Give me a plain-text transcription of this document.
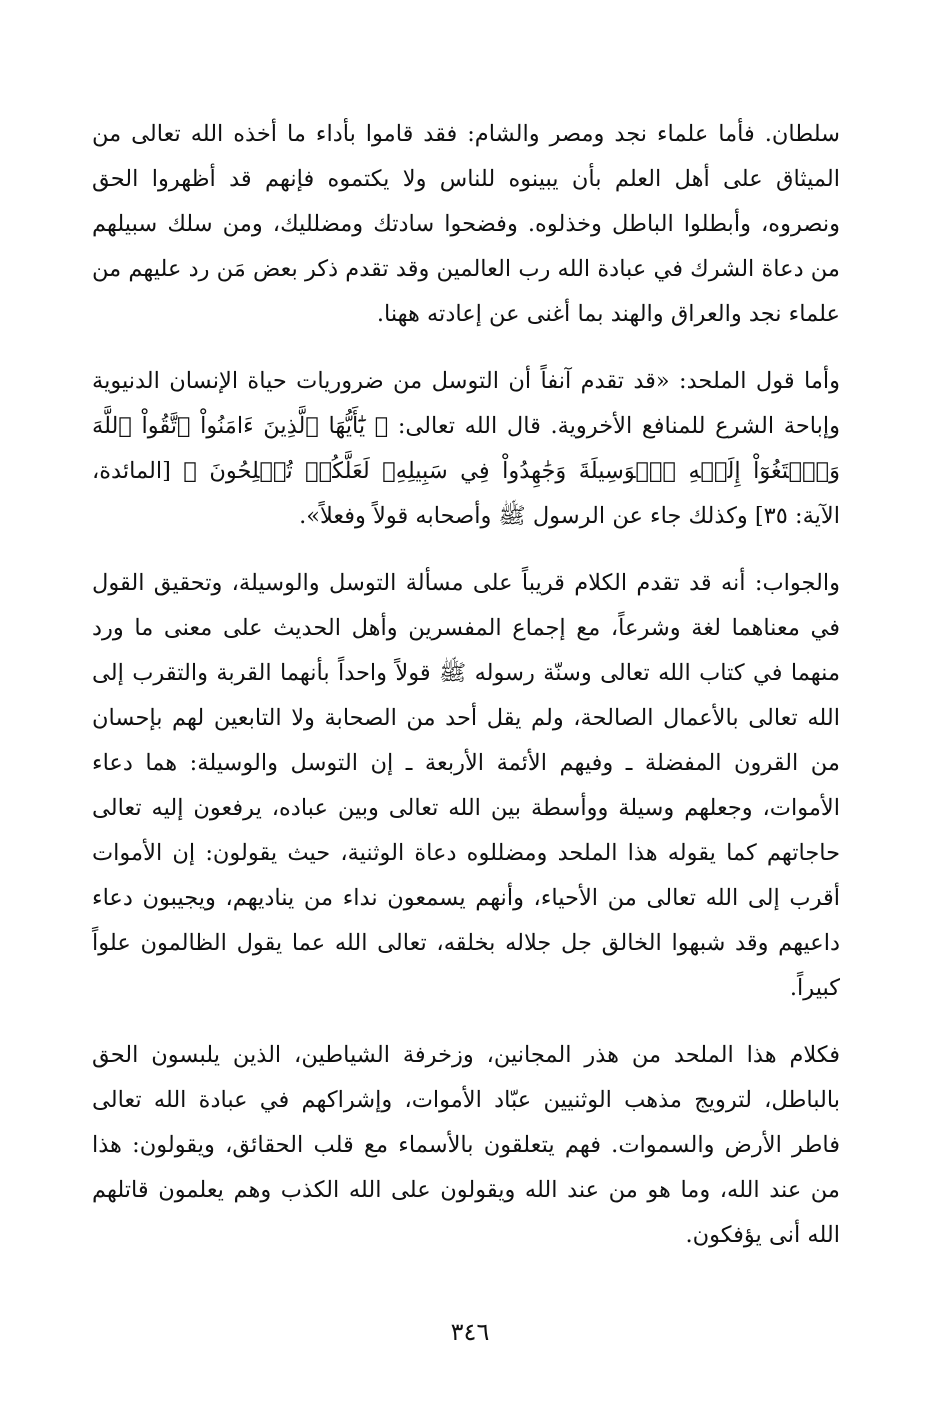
سلطان. فأما علماء نجد ومصر والشام: فقد قاموا بأداء ما أخذه الله تعالى من الميثاق على أهل العلم بأن يبينوه للناس ولا يكتموه فإنهم قد أظهروا الحق ونصروه، وأبطلوا الباطل وخذلوه. وفضحوا سادتك ومضلليك، ومن سلك سبيلهم من دعاة الشرك في عبادة الله رب العالمين وقد تقدم ذكر بعض مَن رد عليهم من علماء نجد والعراق والهند بما أغنى عن إعادته ههنا.

وأما قول الملحد: «قد تقدم آنفاً أن التوسل من ضروريات حياة الإنسان الدنيوية وإباحة الشرع للمنافع الأخروية. قال الله تعالى: ﴿ يَٰٓأَيُّهَا ٱلَّذِينَ ءَامَنُواْ ٱتَّقُواْ ٱللَّهَ وَٱبۡتَغُوٓاْ إِلَيۡهِ ٱلۡوَسِيلَةَ وَجَٰهِدُواْ فِي سَبِيلِهِۦ لَعَلَّكُمۡ تُفۡلِحُونَ ﴾ [المائدة، الآية: ٣٥] وكذلك جاء عن الرسول ﷺ وأصحابه قولاً وفعلاً».

والجواب: أنه قد تقدم الكلام قريباً على مسألة التوسل والوسيلة، وتحقيق القول في معناهما لغة وشرعاً، مع إجماع المفسرين وأهل الحديث على معنى ما ورد منهما في كتاب الله تعالى وسنّة رسوله ﷺ قولاً واحداً بأنهما القربة والتقرب إلى الله تعالى بالأعمال الصالحة، ولم يقل أحد من الصحابة ولا التابعين لهم بإحسان من القرون المفضلة ـ وفيهم الأئمة الأربعة ـ إن التوسل والوسيلة: هما دعاء الأموات، وجعلهم وسيلة ووأسطة بين الله تعالى وبين عباده، يرفعون إليه تعالى حاجاتهم كما يقوله هذا الملحد ومضللوه دعاة الوثنية، حيث يقولون: إن الأموات أقرب إلى الله تعالى من الأحياء، وأنهم يسمعون نداء من يناديهم، ويجيبون دعاء داعيهم وقد شبهوا الخالق جل جلاله بخلقه، تعالى الله عما يقول الظالمون علواً كبيراً.

فكلام هذا الملحد من هذر المجانين، وزخرفة الشياطين، الذين يلبسون الحق بالباطل، لترويج مذهب الوثنيين عبّاد الأموات، وإشراكهم في عبادة الله تعالى فاطر الأرض والسموات. فهم يتعلقون بالأسماء مع قلب الحقائق، ويقولون: هذا من عند الله، وما هو من عند الله ويقولون على الله الكذب وهم يعلمون قاتلهم الله أنى يؤفكون.

٣٤٦
